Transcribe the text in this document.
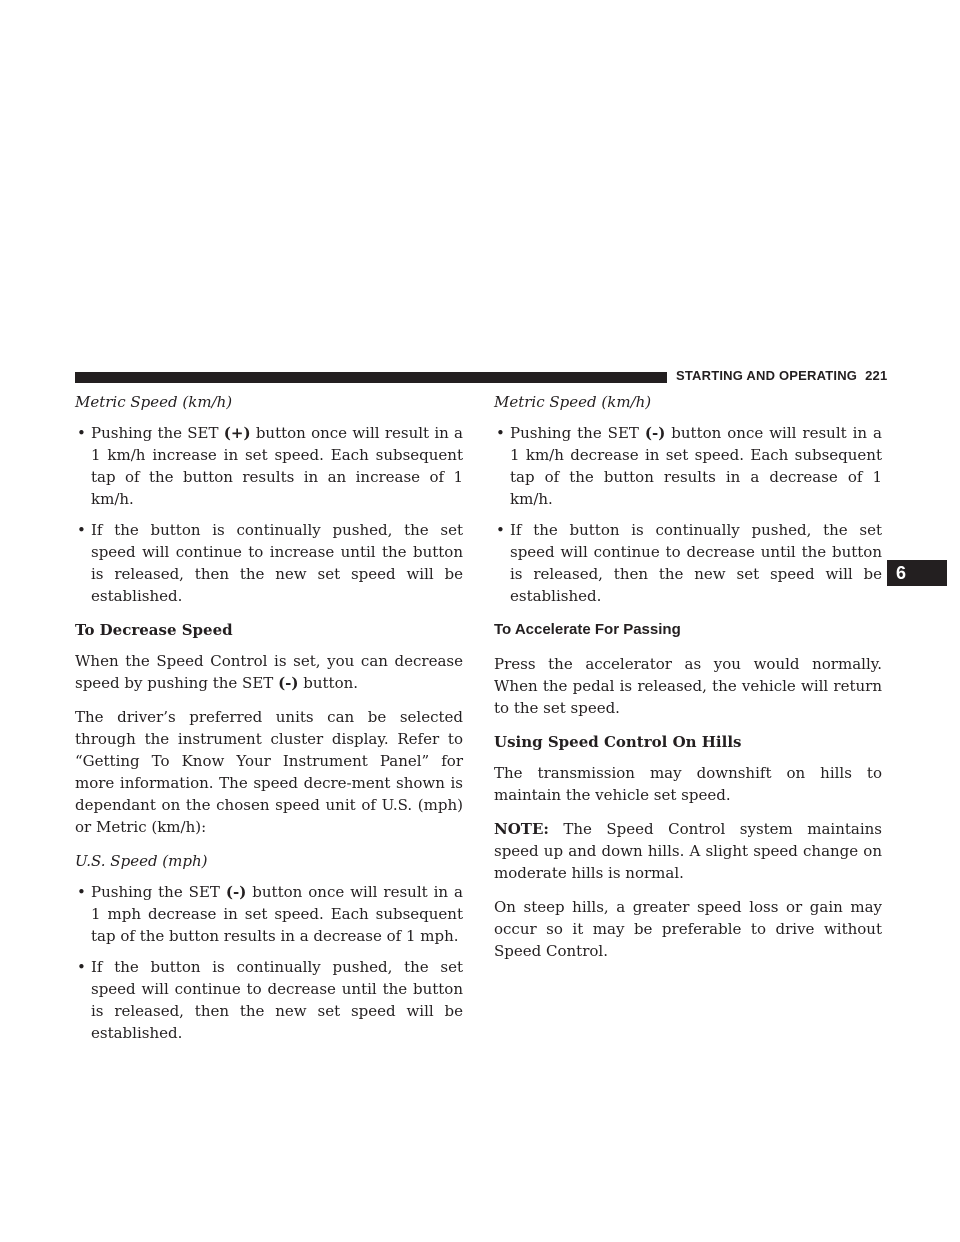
STARTING AND OPERATING 221
6

Metric Speed (km/h)

• Pushing the SET (+) button once will result in a 1 km/h increase in set speed. Each subsequent tap of the button results in an increase of 1 km/h.
• If the button is continually pushed, the set speed will continue to increase until the button is released, then the new set speed will be established.

To Decrease Speed

When the Speed Control is set, you can decrease speed by pushing the SET (-) button.

The driver’s preferred units can be selected through the instrument cluster display. Refer to “Getting To Know Your Instrument Panel” for more information. The speed decre-ment shown is dependant on the chosen speed unit of U.S. (mph) or Metric (km/h):

U.S. Speed (mph)

• Pushing the SET (-) button once will result in a 1 mph decrease in set speed. Each subsequent tap of the button results in a decrease of 1 mph.
• If the button is continually pushed, the set speed will continue to decrease until the button is released, then the new set speed will be established.

Metric Speed (km/h)

• Pushing the SET (-) button once will result in a 1 km/h decrease in set speed. Each subsequent tap of the button results in a decrease of 1 km/h.
• If the button is continually pushed, the set speed will continue to decrease until the button is released, then the new set speed will be established.

To Accelerate For Passing

Press the accelerator as you would normally. When the pedal is released, the vehicle will return to the set speed.

Using Speed Control On Hills

The transmission may downshift on hills to maintain the vehicle set speed.

NOTE: The Speed Control system maintains speed up and down hills. A slight speed change on moderate hills is normal.

On steep hills, a greater speed loss or gain may occur so it may be preferable to drive without Speed Control.
